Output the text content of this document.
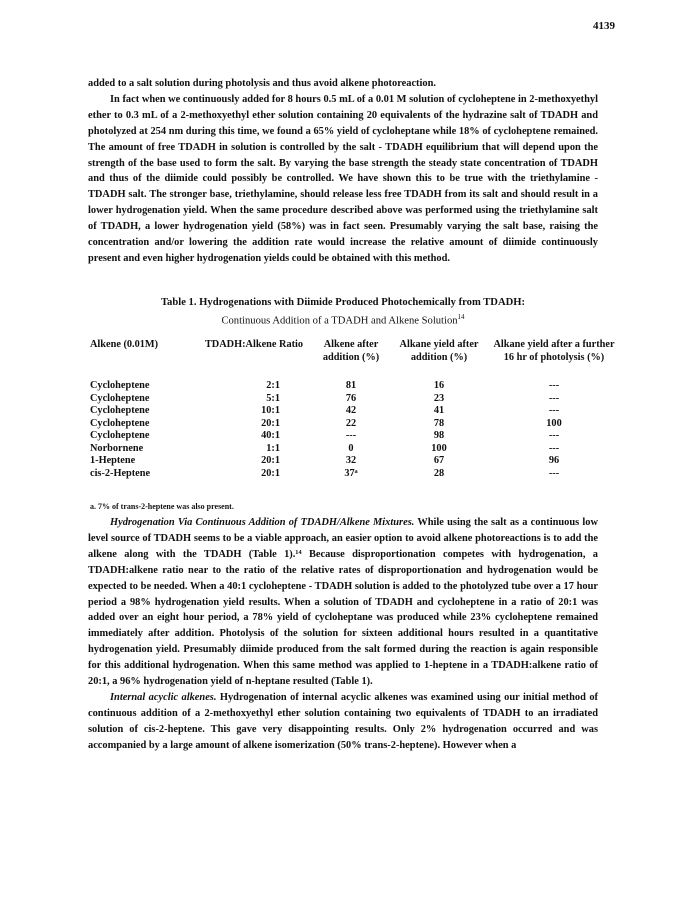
4139

added to a salt solution during photolysis and thus avoid alkene photoreaction.

In fact when we continuously added for 8 hours 0.5 mL of a 0.01 M solution of cycloheptene in 2-methoxyethyl ether to 0.3 mL of a 2-methoxyethyl ether solution containing 20 equivalents of the hydrazine salt of TDADH and photolyzed at 254 nm during this time, we found a 65% yield of cycloheptane while 18% of cycloheptene remained. The amount of free TDADH in solution is controlled by the salt - TDADH equilibrium that will depend upon the strength of the base used to form the salt. By varying the base strength the steady state concentration of TDADH and thus of the diimide could possibly be controlled. We have shown this to be true with the triethylamine - TDADH salt. The stronger base, triethylamine, should release less free TDADH from its salt and should result in a lower hydrogenation yield. When the same procedure described above was performed using the triethylamine salt of TDADH, a lower hydrogenation yield (58%) was in fact seen. Presumably varying the salt base, raising the concentration and/or lowering the addition rate would increase the relative amount of diimide continuously present and even higher hydrogenation yields could be obtained with this method.

Table 1. Hydrogenations with Diimide Produced Photochemically from TDADH:
Continuous Addition of a TDADH and Alkene Solution$^{14}$
Alkene (0.01M)	TDADH:Alkene Ratio	Alkene after addition (%)	Alkane yield after addition (%)	Alkane yield after a further 16 hr of photolysis (%)
Cycloheptene	2:1	81	16	---
Cycloheptene	5:1	76	23	---
Cycloheptene	10:1	42	41	---
Cycloheptene	20:1	22	78	100
Cycloheptene	40:1	---	98	---
Norbornene	1:1	0	100	---
1-Heptene	20:1	32	67	96
cis-2-Heptene	20:1	37ᵃ	28	---
a. 7% of trans-2-heptene was also present.

Hydrogenation Via Continuous Addition of TDADH/Alkene Mixtures. While using the salt as a continuous low level source of TDADH seems to be a viable approach, an easier option to avoid alkene photoreactions is to add the alkene along with the TDADH (Table 1).¹⁴ Because disproportionation competes with hydrogenation, a TDADH:alkene ratio near to the ratio of the relative rates of disproportionation and hydrogenation would be expected to be needed. When a 40:1 cycloheptene - TDADH solution is added to the photolyzed tube over a 17 hour period a 98% hydrogenation yield results. When a solution of TDADH and cycloheptene in a ratio of 20:1 was added over an eight hour period, a 78% yield of cycloheptane was produced while 23% cycloheptene remained immediately after addition. Photolysis of the solution for sixteen additional hours resulted in a quantitative hydrogenation yield. Presumably diimide produced from the salt formed during the reaction is again responsible for this additional hydrogenation. When this same method was applied to 1-heptene in a TDADH:alkene ratio of 20:1, a 96% hydrogenation yield of n-heptane resulted (Table 1).

Internal acyclic alkenes. Hydrogenation of internal acyclic alkenes was examined using our initial method of continuous addition of a 2-methoxyethyl ether solution containing two equivalents of TDADH to an irradiated solution of cis-2-heptene. This gave very disappointing results. Only 2% hydrogenation occurred and was accompanied by a large amount of alkene isomerization (50% trans-2-heptene). However when a
